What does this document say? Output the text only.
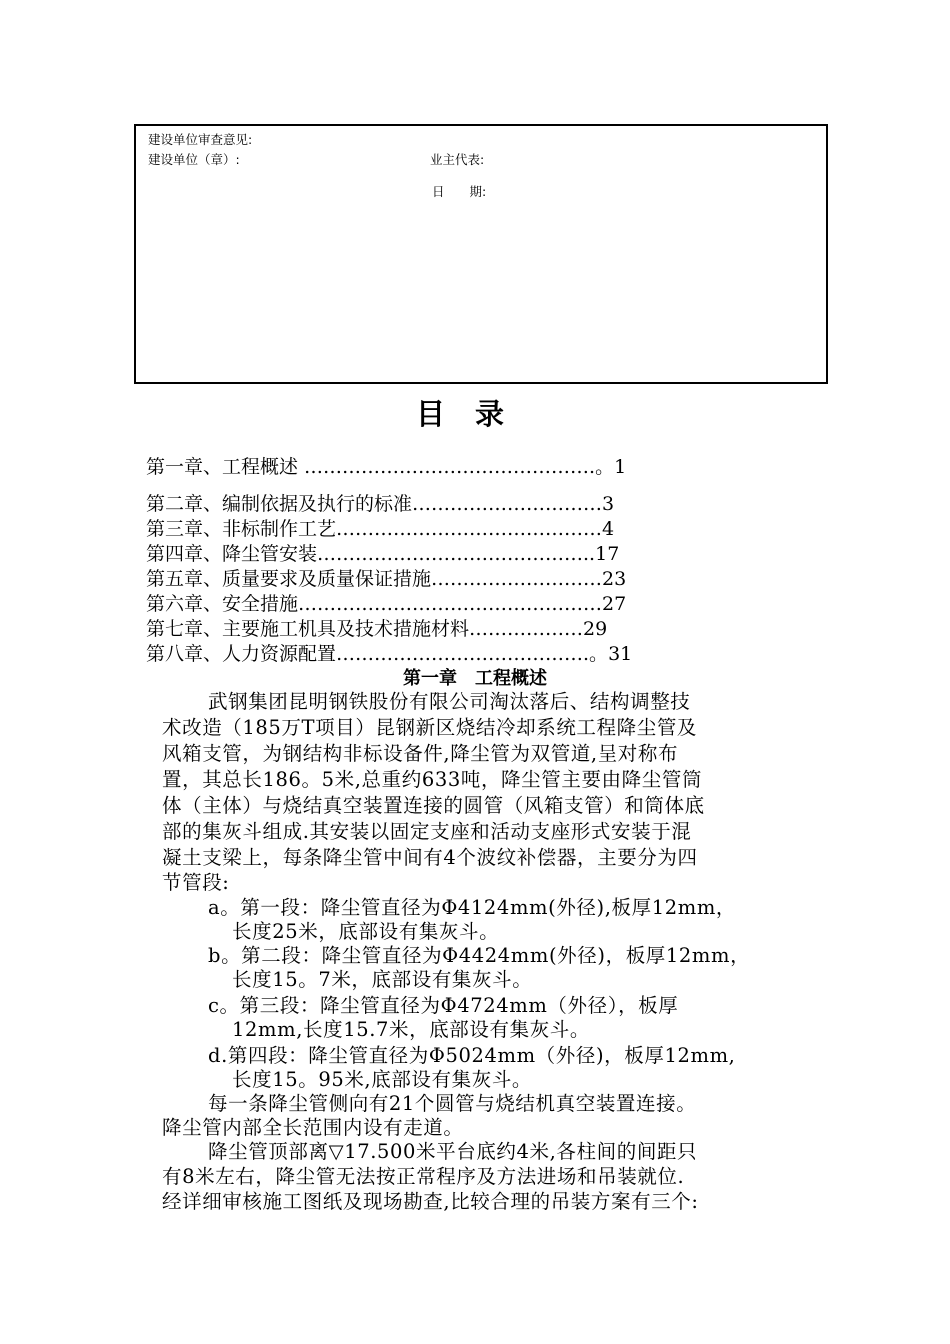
建设单位审查意见:
建设单位（章）:	业主代表:
日　　期:
目录
第一章、工程概述 ……………………………………….。1
第二章、编制依据及执行的标准…………………………3
第三章、非标制作工艺……………………………………4
第四章、降尘管安装……………………………………..17
第五章、质量要求及质量保证措施………………………23
第六章、安全措施…………………………………………27
第七章、主要施工机具及技术措施材料………………29
第八章、人力资源配置………………………………….。31
第一章　工程概述
武钢集团昆明钢铁股份有限公司淘汰落后、结构调整技
术改造（185万T项目）昆钢新区烧结冷却系统工程降尘管及
风箱支管，为钢结构非标设备件,降尘管为双管道,呈对称布
置，其总长186。5米,总重约633吨，降尘管主要由降尘管筒
体（主体）与烧结真空装置连接的圆管（风箱支管）和筒体底
部的集灰斗组成.其安装以固定支座和活动支座形式安装于混
凝土支梁上，每条降尘管中间有4个波纹补偿器，主要分为四
节管段:
a。第一段：降尘管直径为Φ4124mm(外径),板厚12mm，
长度25米，底部设有集灰斗。
b。第二段：降尘管直径为Φ4424mm(外径)，板厚12mm，
长度15。7米，底部设有集灰斗。
c。第三段：降尘管直径为Φ4724mm（外径），板厚
12mm,长度15.7米，底部设有集灰斗。
d.第四段：降尘管直径为Φ5024mm（外径)，板厚12mm,
长度15。95米,底部设有集灰斗。
每一条降尘管侧向有21个圆管与烧结机真空装置连接。
降尘管内部全长范围内设有走道。
降尘管顶部离▽17.500米平台底约4米,各柱间的间距只
有8米左右，降尘管无法按正常程序及方法进场和吊装就位.
经详细审核施工图纸及现场勘查,比较合理的吊装方案有三个:
